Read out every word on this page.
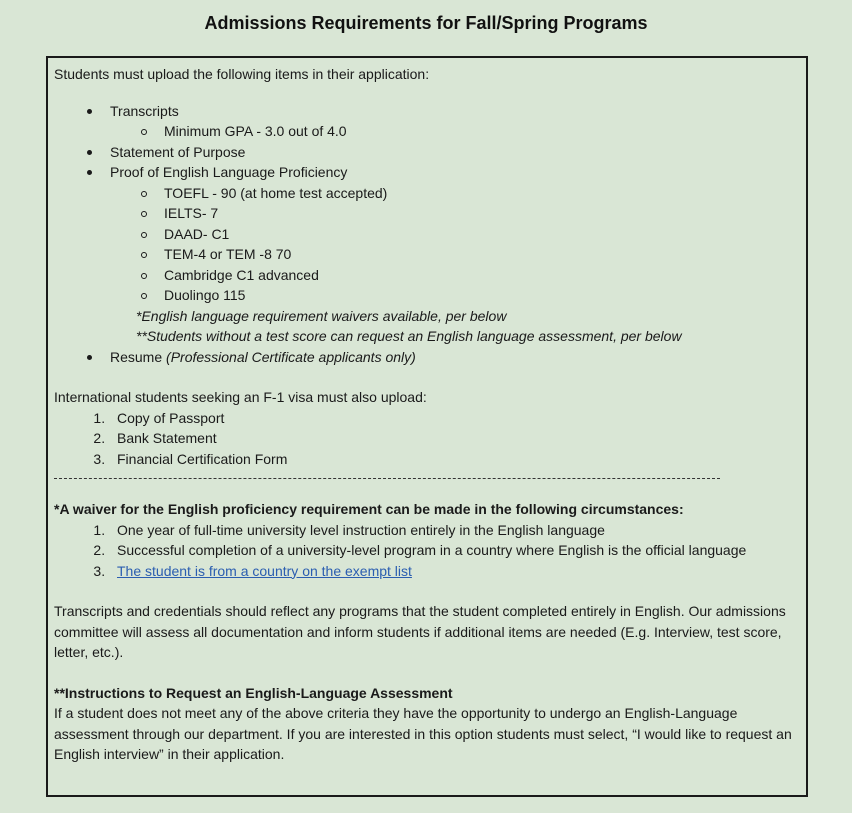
Admissions Requirements for Fall/Spring Programs

Students must upload the following items in their application:

Transcripts
Minimum GPA - 3.0 out of 4.0
Statement of Purpose
Proof of English Language Proficiency
TOEFL - 90 (at home test accepted)
IELTS- 7
DAAD- C1
TEM-4 or TEM -8 70
Cambridge C1 advanced
Duolingo 115
*English language requirement waivers available, per below
**Students without a test score can request an English language assessment, per below
Resume (Professional Certificate applicants only)

International students seeking an F-1 visa must also upload:

1. Copy of Passport
2. Bank Statement
3. Financial Certification Form

*A waiver for the English proficiency requirement can be made in the following circumstances:

1. One year of full-time university level instruction entirely in the English language
2. Successful completion of a university-level program in a country where English is the official language
3. The student is from a country on the exempt list

Transcripts and credentials should reflect any programs that the student completed entirely in English. Our admissions committee will assess all documentation and inform students if additional items are needed (E.g. Interview, test score, letter, etc.).

**Instructions to Request an English-Language Assessment

If a student does not meet any of the above criteria they have the opportunity to undergo an English-Language assessment through our department. If you are interested in this option students must select, “I would like to request an English interview” in their application.
